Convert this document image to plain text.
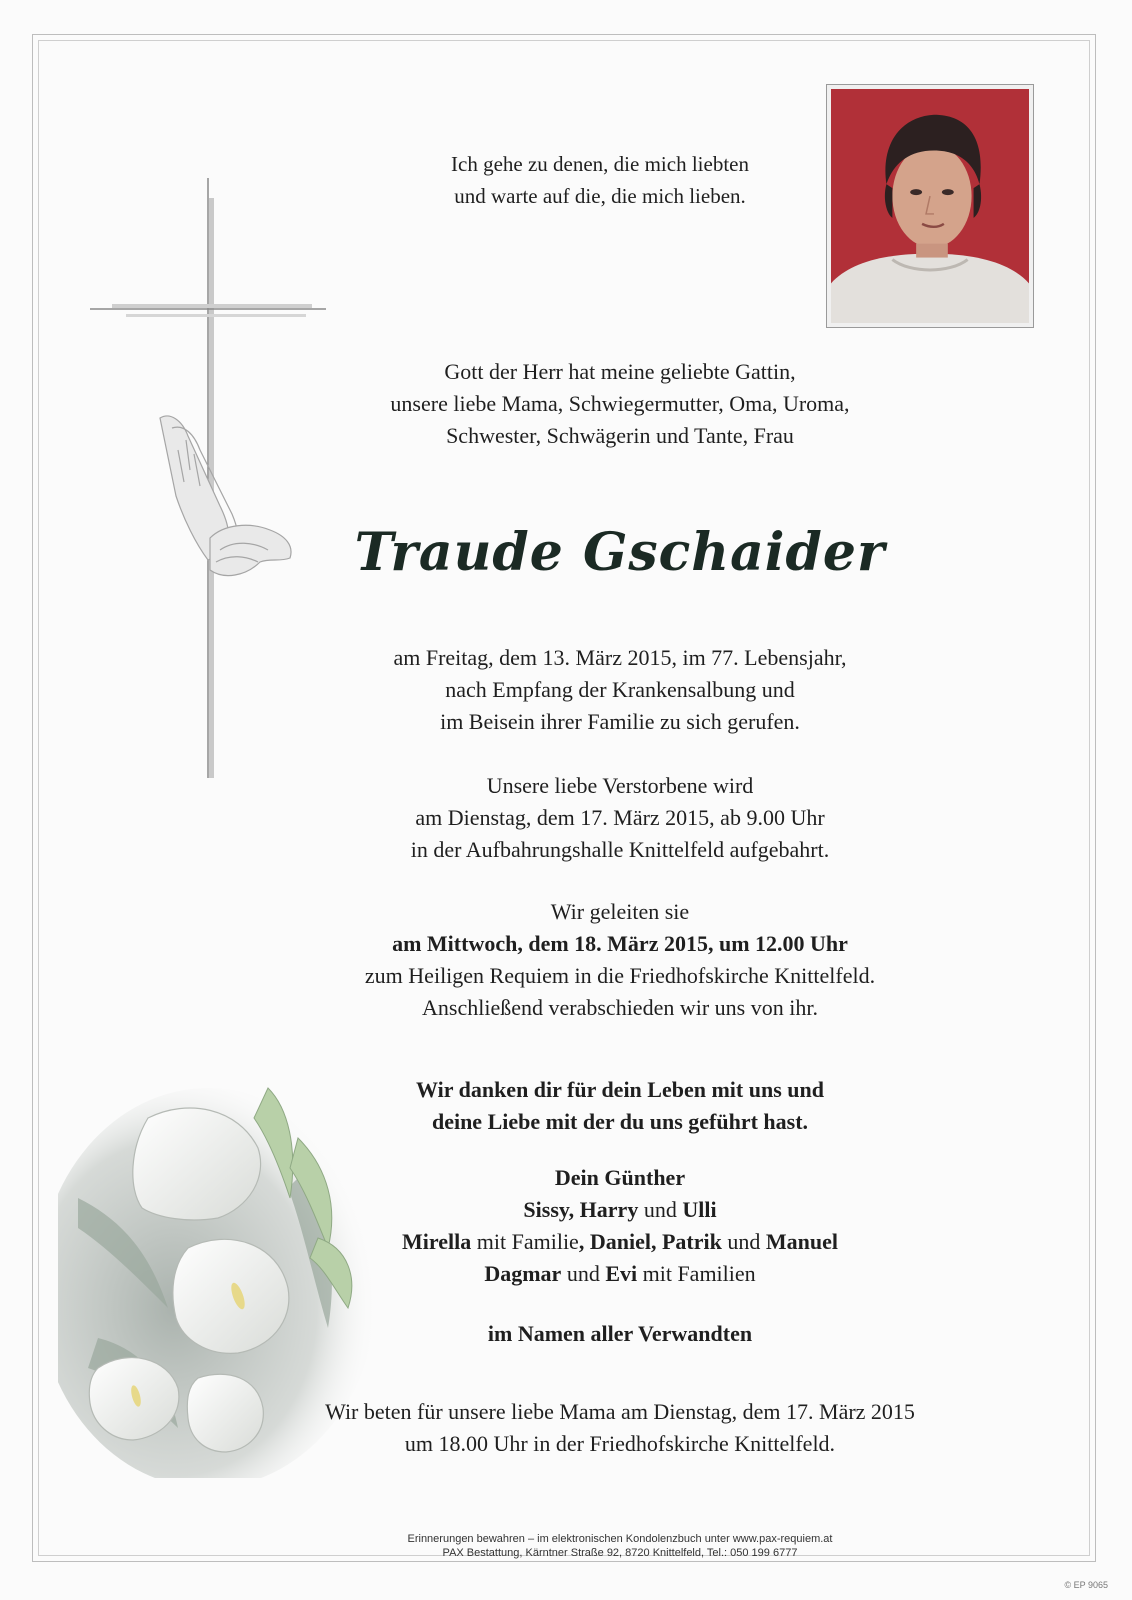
Ich gehe zu denen, die mich liebten
und warte auf die, die mich lieben.
Gott der Herr hat meine geliebte Gattin,
unsere liebe Mama, Schwiegermutter, Oma, Uroma,
Schwester, Schwägerin und Tante, Frau
Traude Gschaider
am Freitag, dem 13. März 2015, im 77. Lebensjahr,
nach Empfang der Krankensalbung und
im Beisein ihrer Familie zu sich gerufen.
Unsere liebe Verstorbene wird
am Dienstag, dem 17. März 2015, ab 9.00 Uhr
in der Aufbahrungshalle Knittelfeld aufgebahrt.
Wir geleiten sie
am Mittwoch, dem 18. März 2015, um 12.00 Uhr
zum Heiligen Requiem in die Friedhofskirche Knittelfeld.
Anschließend verabschieden wir uns von ihr.
Wir danken dir für dein Leben mit uns und
deine Liebe mit der du uns geführt hast.
Dein Günther
Sissy, Harry und Ulli
Mirella mit Familie, Daniel, Patrik und Manuel
Dagmar und Evi mit Familien
im Namen aller Verwandten
Wir beten für unsere liebe Mama am Dienstag, dem 17. März 2015
um 18.00 Uhr in der Friedhofskirche Knittelfeld.
Erinnerungen bewahren – im elektronischen Kondolenzbuch unter www.pax-requiem.at
PAX Bestattung, Kärntner Straße 92, 8720 Knittelfeld, Tel.: 050 199 6777
© EP 9065
